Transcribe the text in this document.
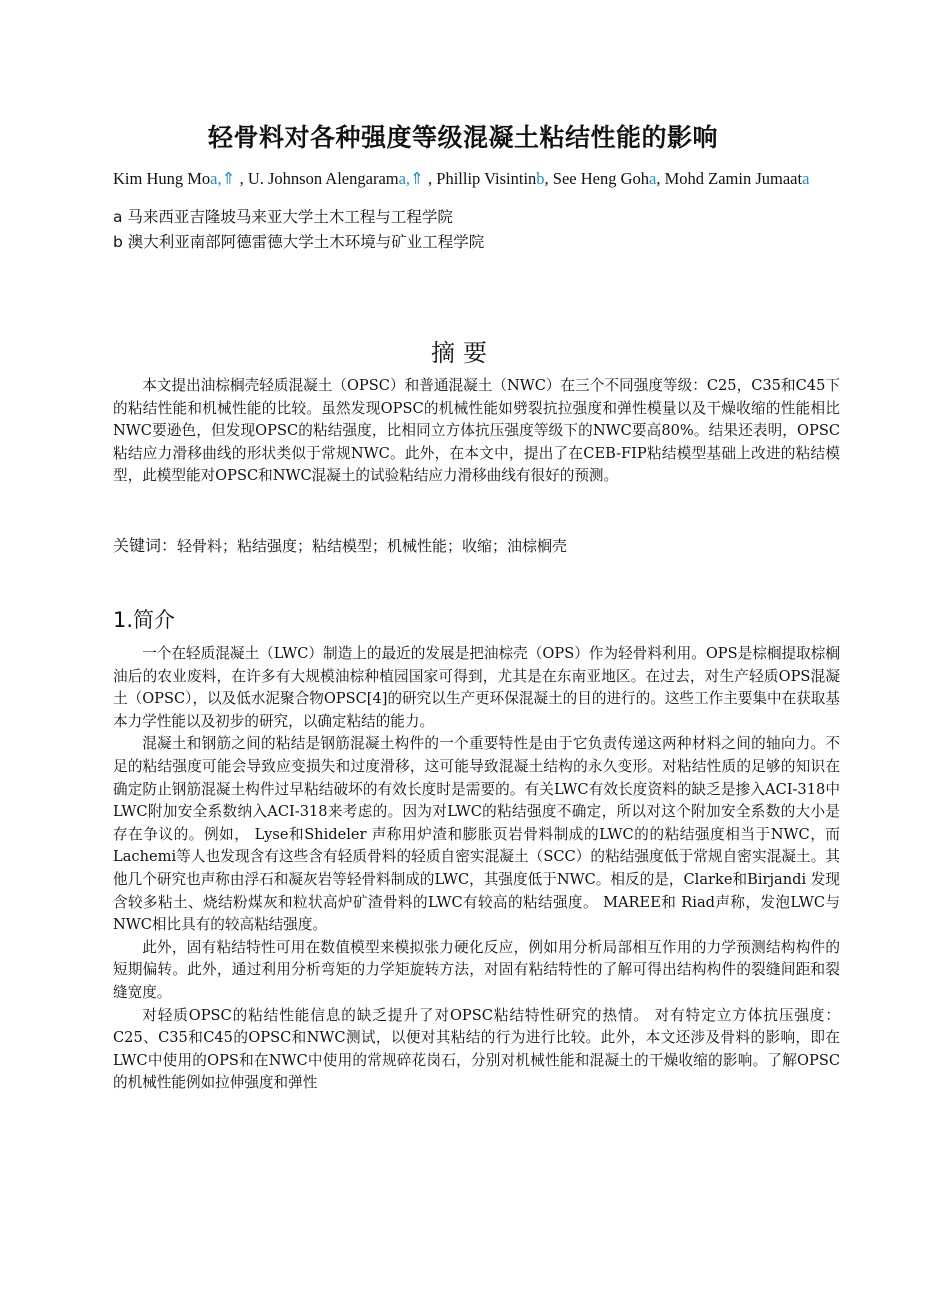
轻骨料对各种强度等级混凝土粘结性能的影响
Kim Hung Moa,⇑ , U. Johnson Alengarama,⇑ , Phillip Visintinb, See Heng Goha, Mohd Zamin Jumaata
a 马来西亚吉隆坡马来亚大学土木工程与工程学院
b 澳大利亚南部阿德雷德大学土木环境与矿业工程学院
摘要

本文提出油棕榈壳轻质混凝土（OPSC）和普通混凝土（NWC）在三个不同强度等级：C25，C35和C45下的粘结性能和机械性能的比较。虽然发现OPSC的机械性能如劈裂抗拉强度和弹性模量以及干燥收缩的性能相比NWC要逊色，但发现OPSC的粘结强度，比相同立方体抗压强度等级下的NWC要高80%。结果还表明，OPSC粘结应力滑移曲线的形状类似于常规NWC。此外，在本文中，提出了在CEB-FIP粘结模型基础上改进的粘结模型，此模型能对OPSC和NWC混凝土的试验粘结应力滑移曲线有很好的预测。

关键词：轻骨料；粘结强度；粘结模型；机械性能；收缩；油棕榈壳
1.简介

一个在轻质混凝土（LWC）制造上的最近的发展是把油棕壳（OPS）作为轻骨料利用。OPS是棕榈提取棕榈油后的农业废料，在许多有大规模油棕种植园国家可得到，尤其是在东南亚地区。在过去，对生产轻质OPS混凝土（OPSC），以及低水泥聚合物OPSC[4]的研究以生产更环保混凝土的目的进行的。这些工作主要集中在获取基本力学性能以及初步的研究，以确定粘结的能力。

混凝土和钢筋之间的粘结是钢筋混凝土构件的一个重要特性是由于它负责传递这两种材料之间的轴向力。不足的粘结强度可能会导致应变损失和过度滑移，这可能导致混凝土结构的永久变形。对粘结性质的足够的知识在确定防止钢筋混凝土构件过早粘结破坏的有效长度时是需要的。有关LWC有效长度资料的缺乏是掺入ACI-318中LWC附加安全系数纳入ACI-318来考虑的。因为对LWC的粘结强度不确定，所以对这个附加安全系数的大小是存在争议的。例如， Lyse和Shideler 声称用炉渣和膨胀页岩骨料制成的LWC的的粘结强度相当于NWC，而Lachemi等人也发现含有这些含有轻质骨料的轻质自密实混凝土（SCC）的粘结强度低于常规自密实混凝土。其他几个研究也声称由浮石和凝灰岩等轻骨料制成的LWC，其强度低于NWC。相反的是，Clarke和Birjandi 发现含较多粘土、烧结粉煤灰和粒状高炉矿渣骨料的LWC有较高的粘结强度。 MAREE和 Riad声称，发泡LWC与NWC相比具有的较高粘结强度。

此外，固有粘结特性可用在数值模型来模拟张力硬化反应，例如用分析局部相互作用的力学预测结构构件的短期偏转。此外，通过利用分析弯矩的力学矩旋转方法，对固有粘结特性的了解可得出结构构件的裂缝间距和裂缝宽度。

对轻质OPSC的粘结性能信息的缺乏提升了对OPSC粘结特性研究的热情。 对有特定立方体抗压强度：C25、C35和C45的OPSC和NWC测试，以便对其粘结的行为进行比较。此外，本文还涉及骨料的影响，即在LWC中使用的OPS和在NWC中使用的常规碎花岗石，分别对机械性能和混凝土的干燥收缩的影响。了解OPSC的机械性能例如拉伸强度和弹性
